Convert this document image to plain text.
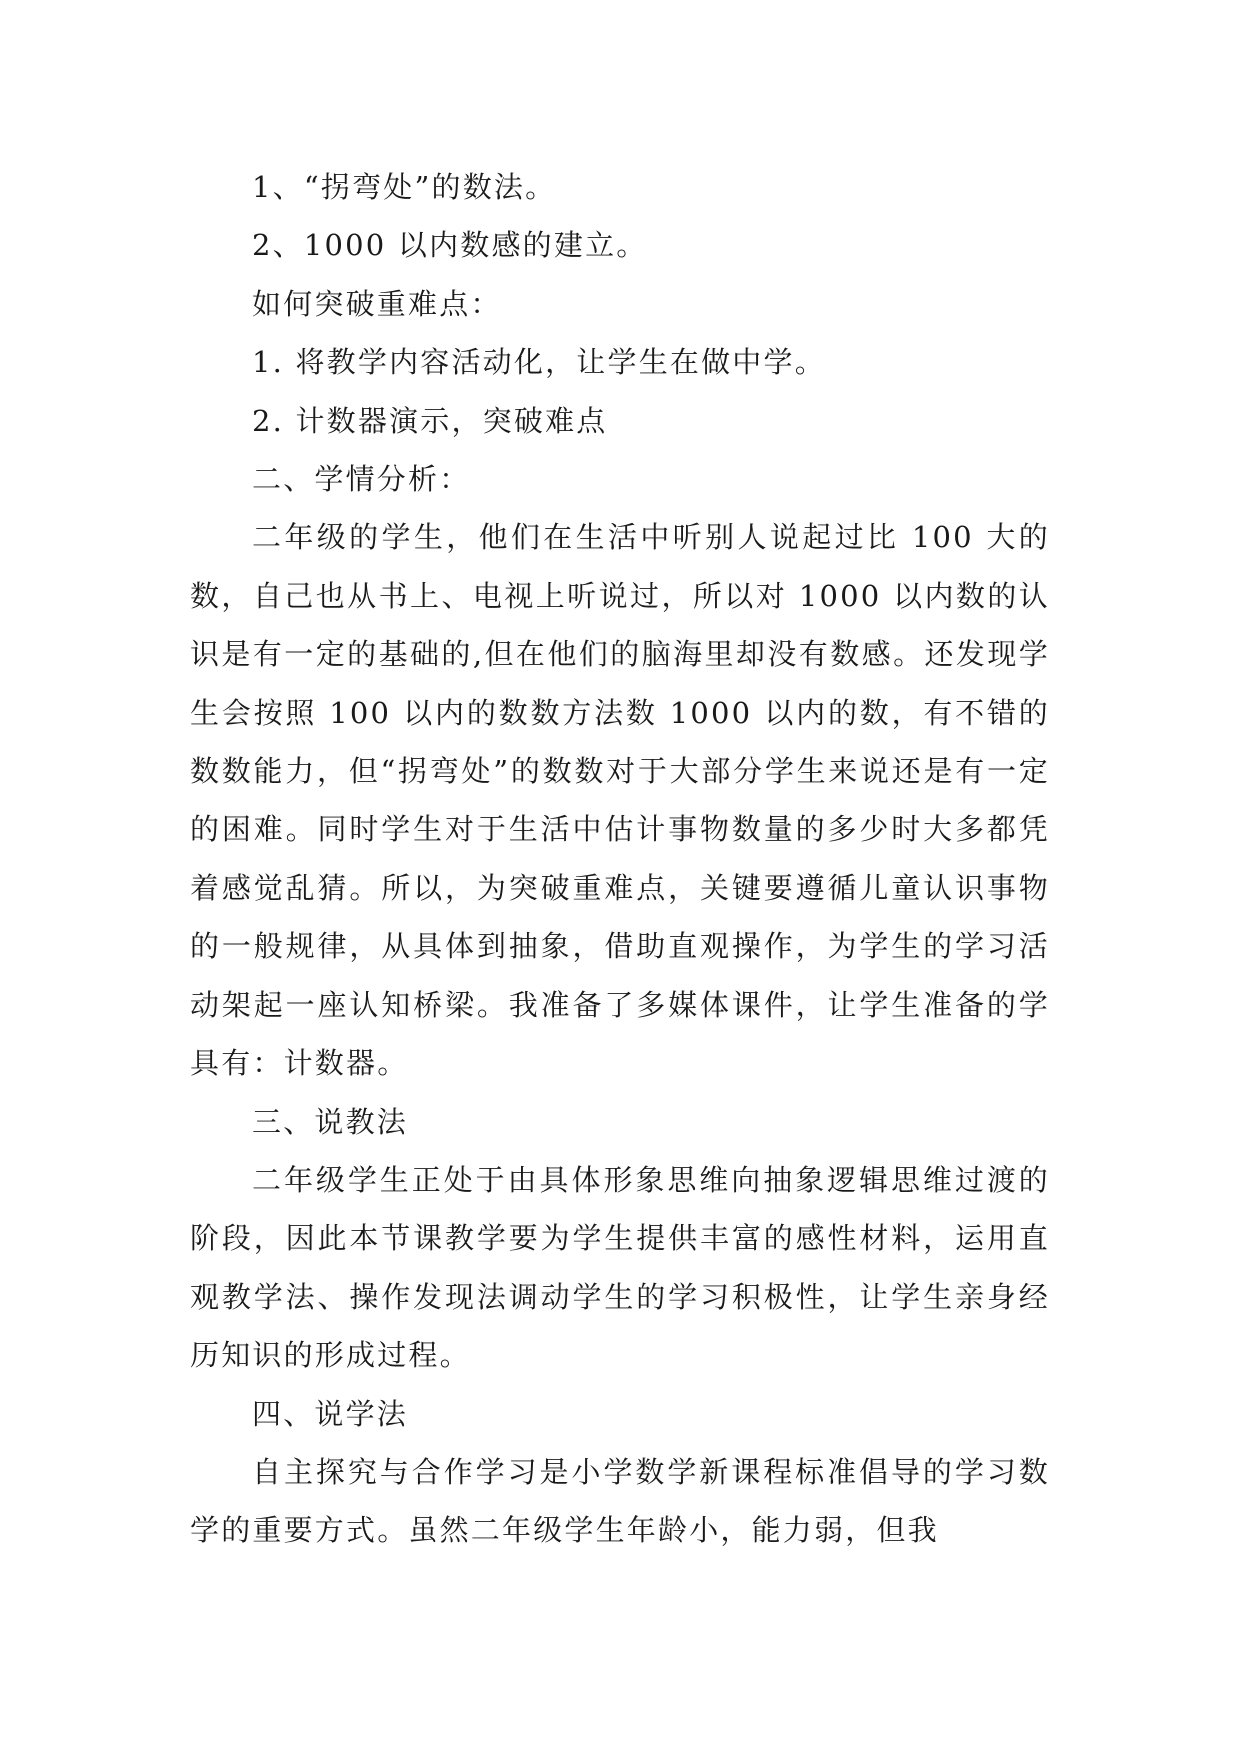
1、“拐弯处”的数法。

2、1000 以内数感的建立。

如何突破重难点：

1. 将教学内容活动化，让学生在做中学。

2. 计数器演示，突破难点

二、学情分析：

二年级的学生，他们在生活中听别人说起过比 100 大的数，自己也从书上、电视上听说过，所以对 1000 以内数的认识是有一定的基础的,但在他们的脑海里却没有数感。还发现学生会按照 100 以内的数数方法数 1000 以内的数，有不错的数数能力，但“拐弯处”的数数对于大部分学生来说还是有一定的困难。同时学生对于生活中估计事物数量的多少时大多都凭着感觉乱猜。所以，为突破重难点，关键要遵循儿童认识事物的一般规律，从具体到抽象，借助直观操作，为学生的学习活动架起一座认知桥梁。我准备了多媒体课件，让学生准备的学具有：计数器。

三、说教法

二年级学生正处于由具体形象思维向抽象逻辑思维过渡的阶段，因此本节课教学要为学生提供丰富的感性材料，运用直观教学法、操作发现法调动学生的学习积极性，让学生亲身经历知识的形成过程。

四、说学法

自主探究与合作学习是小学数学新课程标准倡导的学习数学的重要方式。虽然二年级学生年龄小，能力弱，但我
